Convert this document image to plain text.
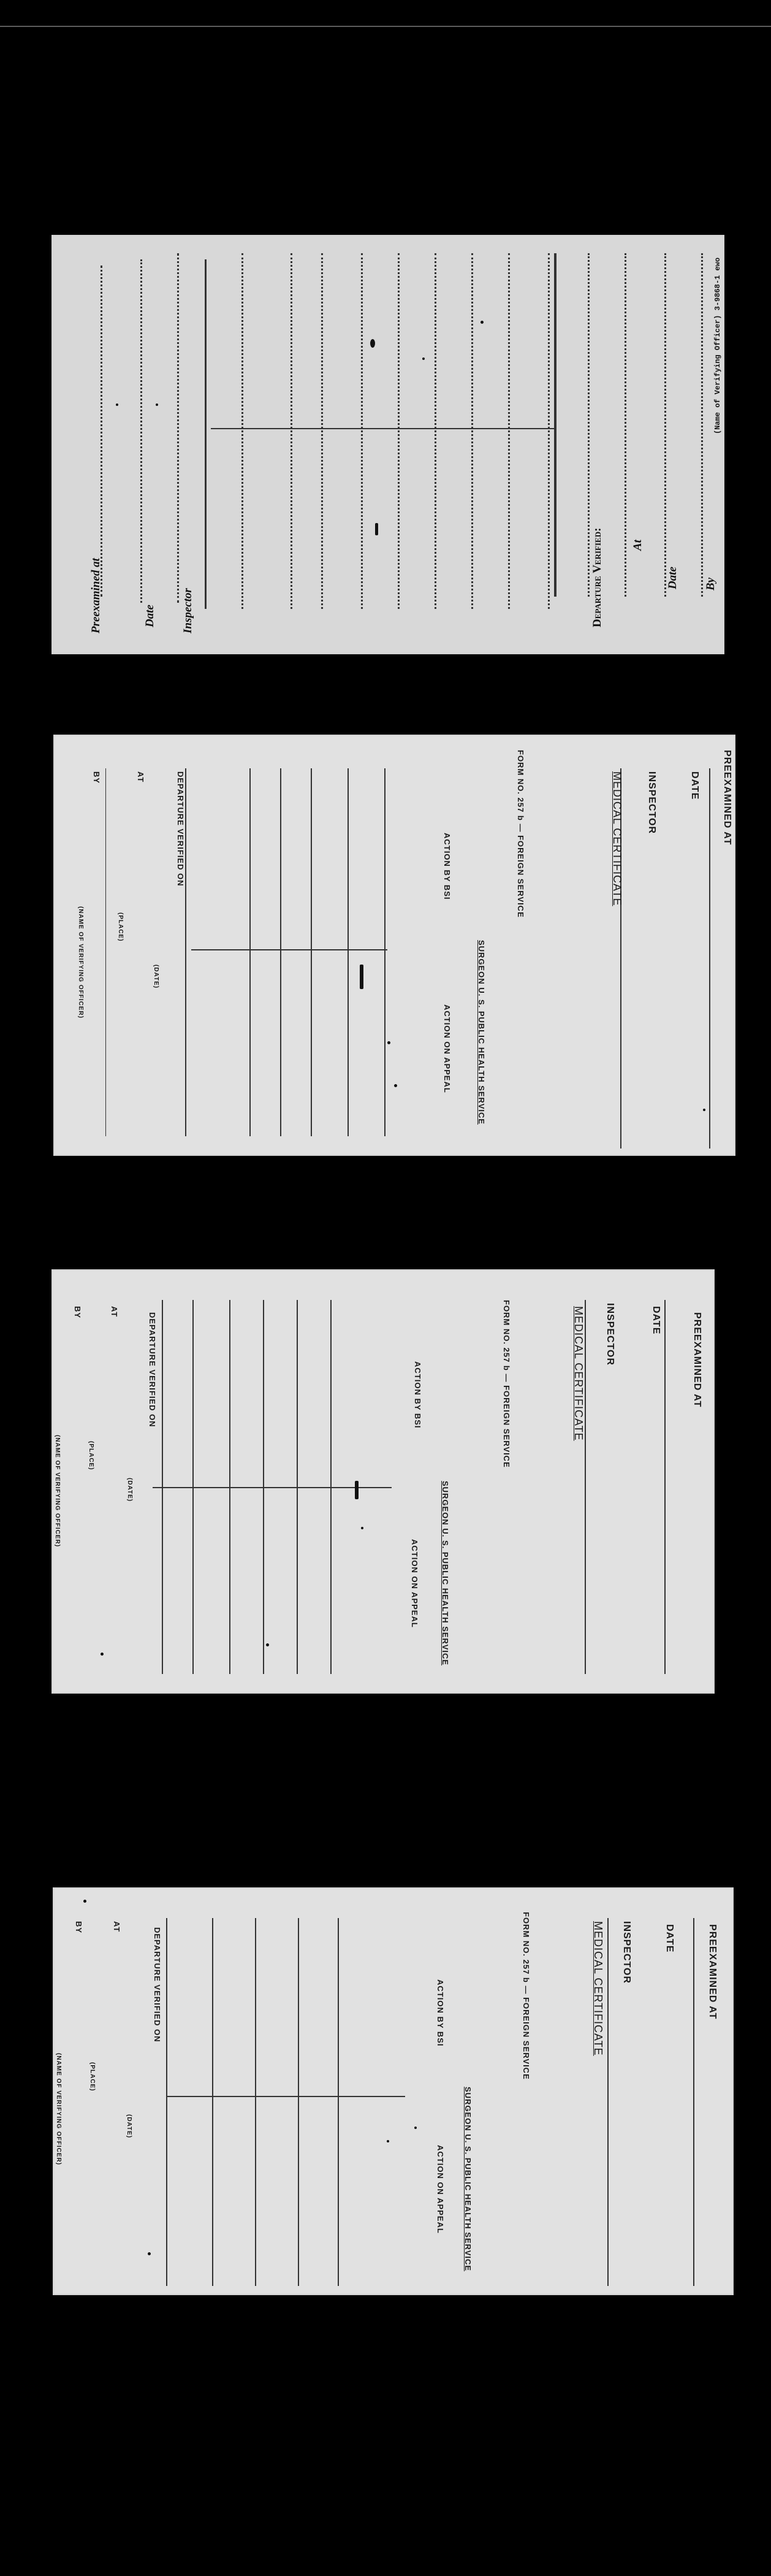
Preexamined at	Date Inspector	Departure Verified: At
Date By
(Name of Verifying Officer) 3-9868-1 ewo
PREEXAMINED AT
DATE
INSPECTOR
MEDICAL CERTIFICATE
FORM NO. 257 b — FOREIGN SERVICE
SURGEON U. S. PUBLIC HEALTH SERVICE
ACTION BY BSI
ACTION ON APPEAL
DEPARTURE VERIFIED ON
(DATE)
AT
(PLACE)
BY
(NAME OF VERIFYING OFFICER)
PREEXAMINED AT
DATE
INSPECTOR
MEDICAL CERTIFICATE
FORM NO. 257 b — FOREIGN SERVICE
SURGEON U. S. PUBLIC HEALTH SERVICE
ACTION BY BSI
ACTION ON APPEAL
DEPARTURE VERIFIED ON
(DATE)
AT
(PLACE)
BY
(NAME OF VERIFYING OFFICER)
PREEXAMINED AT
DATE
INSPECTOR
MEDICAL CERTIFICATE
FORM NO. 257 b — FOREIGN SERVICE
SURGEON U. S. PUBLIC HEALTH SERVICE
ACTION BY BSI
ACTION ON APPEAL
DEPARTURE VERIFIED ON
(DATE)
AT
(PLACE)
BY
(NAME OF VERIFYING OFFICER)
